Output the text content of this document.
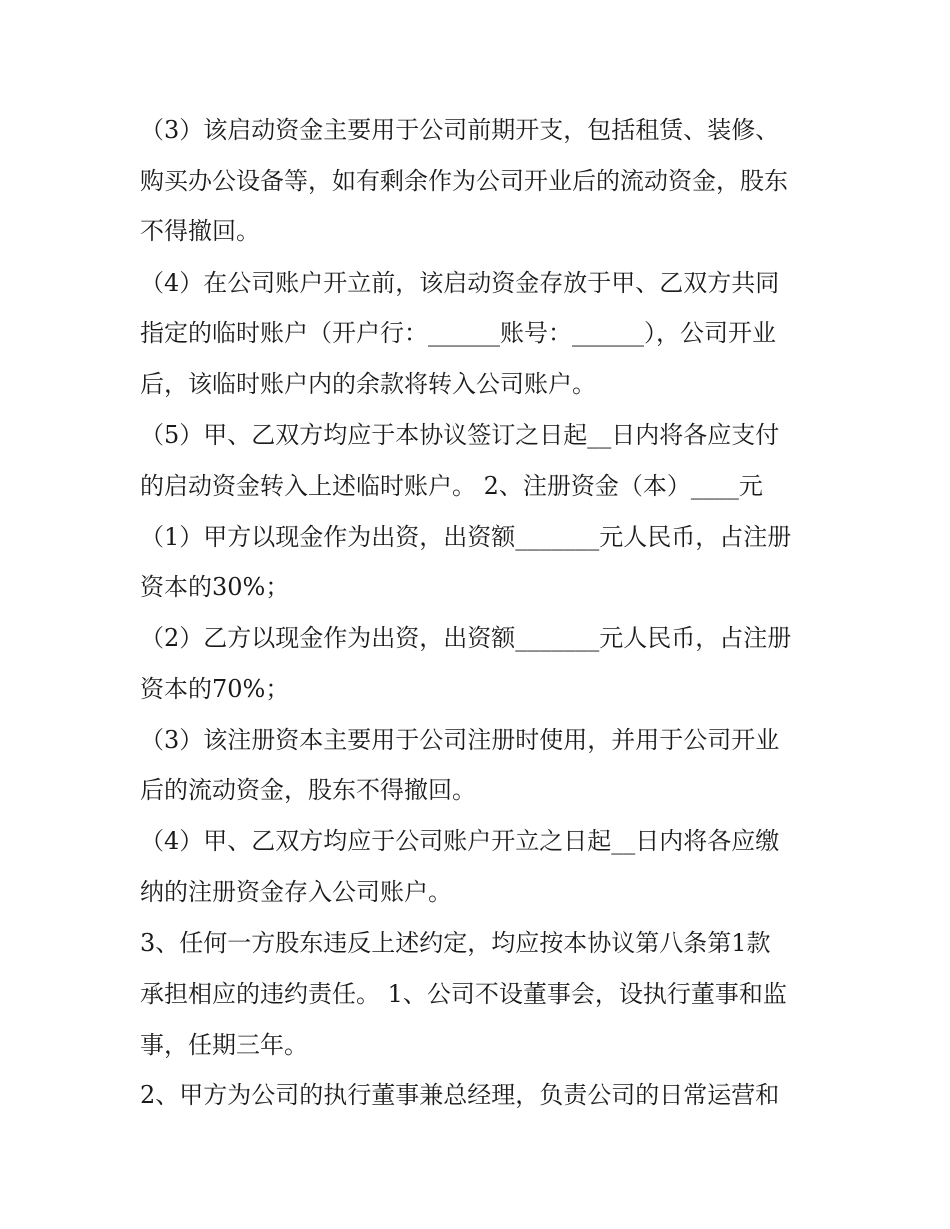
（3）该启动资金主要用于公司前期开支，包括租赁、装修、
购买办公设备等，如有剩余作为公司开业后的流动资金，股东
不得撤回。
（4）在公司账户开立前，该启动资金存放于甲、乙双方共同
指定的临时账户（开户行：______账号：______），公司开业
后，该临时账户内的余款将转入公司账户。
（5）甲、乙双方均应于本协议签订之日起__日内将各应支付
的启动资金转入上述临时账户。 2、注册资金（本）____元
（1）甲方以现金作为出资，出资额_______元人民币，占注册
资本的30%；
（2）乙方以现金作为出资，出资额_______元人民币，占注册
资本的70%；
（3）该注册资本主要用于公司注册时使用，并用于公司开业
后的流动资金，股东不得撤回。
（4）甲、乙双方均应于公司账户开立之日起__日内将各应缴
纳的注册资金存入公司账户。
3、任何一方股东违反上述约定，均应按本协议第八条第1款
承担相应的违约责任。 1、公司不设董事会，设执行董事和监
事，任期三年。
2、甲方为公司的执行董事兼总经理，负责公司的日常运营和
